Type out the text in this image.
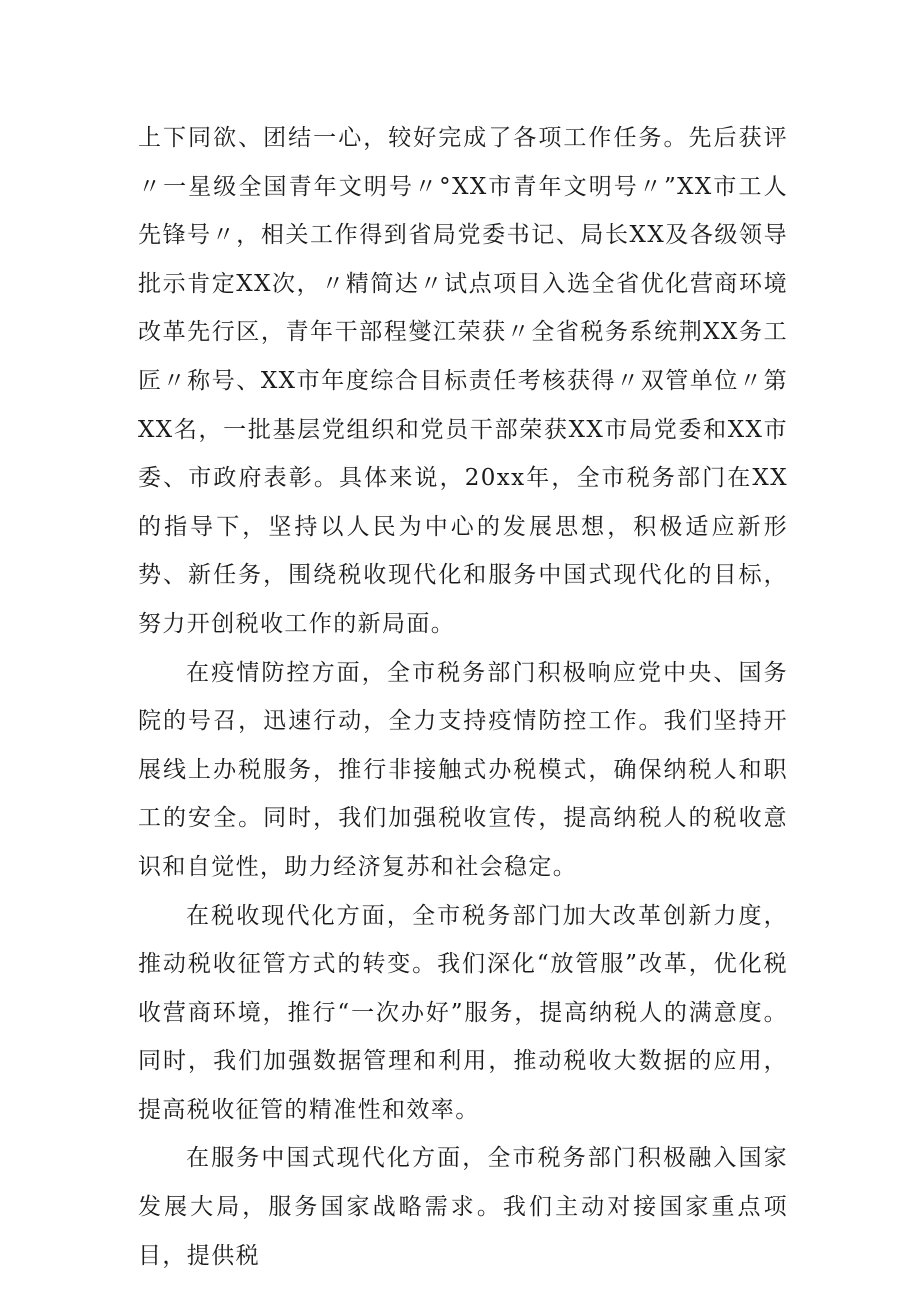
上下同欲、团结一心，较好完成了各项工作任务。先后获评〃一星级全国青年文明号〃°XX市青年文明号〃”XX市工人先锋号〃，相关工作得到省局党委书记、局长XX及各级领导批示肯定XX次，〃精简达〃试点项目入选全省优化营商环境改革先行区，青年干部程燮江荣获〃全省税务系统荆XX务工匠〃称号、XX市年度综合目标责任考核获得〃双管单位〃第XX名，一批基层党组织和党员干部荣获XX市局党委和XX市委、市政府表彰。具体来说，20xx年，全市税务部门在XX的指导下，坚持以人民为中心的发展思想，积极适应新形势、新任务，围绕税收现代化和服务中国式现代化的目标，努力开创税收工作的新局面。

在疫情防控方面，全市税务部门积极响应党中央、国务院的号召，迅速行动，全力支持疫情防控工作。我们坚持开展线上办税服务，推行非接触式办税模式，确保纳税人和职工的安全。同时，我们加强税收宣传，提高纳税人的税收意识和自觉性，助力经济复苏和社会稳定。

在税收现代化方面，全市税务部门加大改革创新力度，推动税收征管方式的转变。我们深化“放管服”改革，优化税收营商环境，推行“一次办好”服务，提高纳税人的满意度。同时，我们加强数据管理和利用，推动税收大数据的应用，提高税收征管的精准性和效率。

在服务中国式现代化方面，全市税务部门积极融入国家发展大局，服务国家战略需求。我们主动对接国家重点项目，提供税
